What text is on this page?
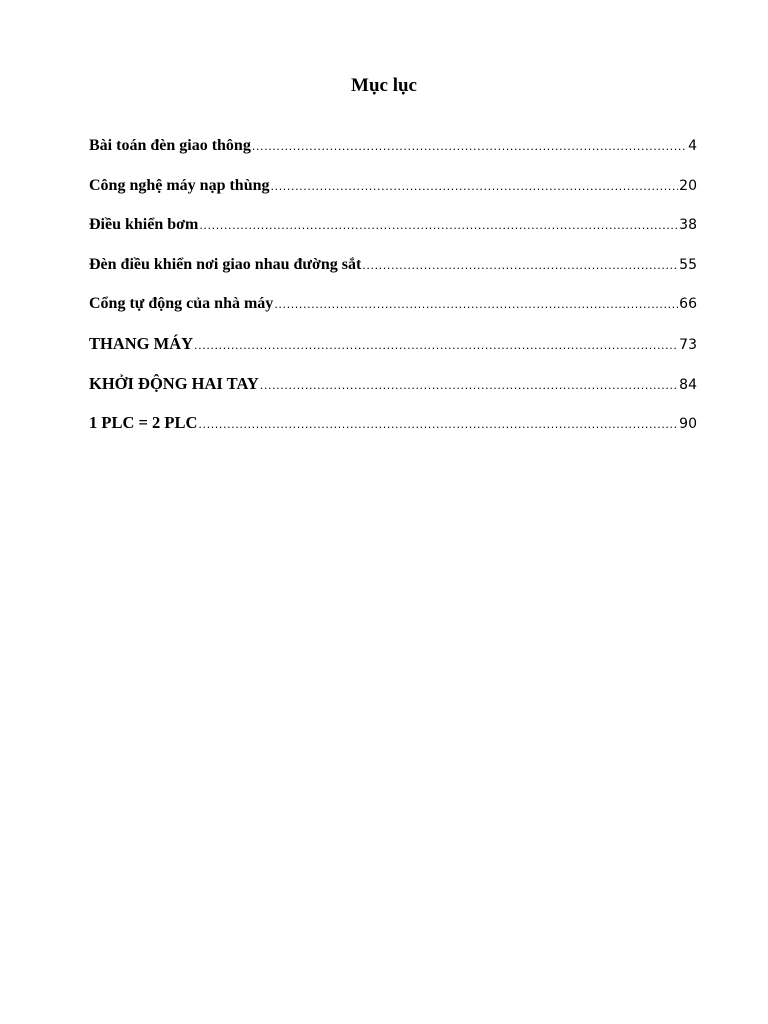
Mục lục
Bài toán đèn giao thông .....	4
Công nghệ máy nạp thùng .....	20
Điều khiển bơm .....	38
Đèn điều khiển nơi giao nhau đường sắt .....	55
Cổng tự động của nhà máy .....	66
THANG MÁY .....	73
KHỞI ĐỘNG HAI TAY .....	84
1 PLC = 2 PLC .....	90
